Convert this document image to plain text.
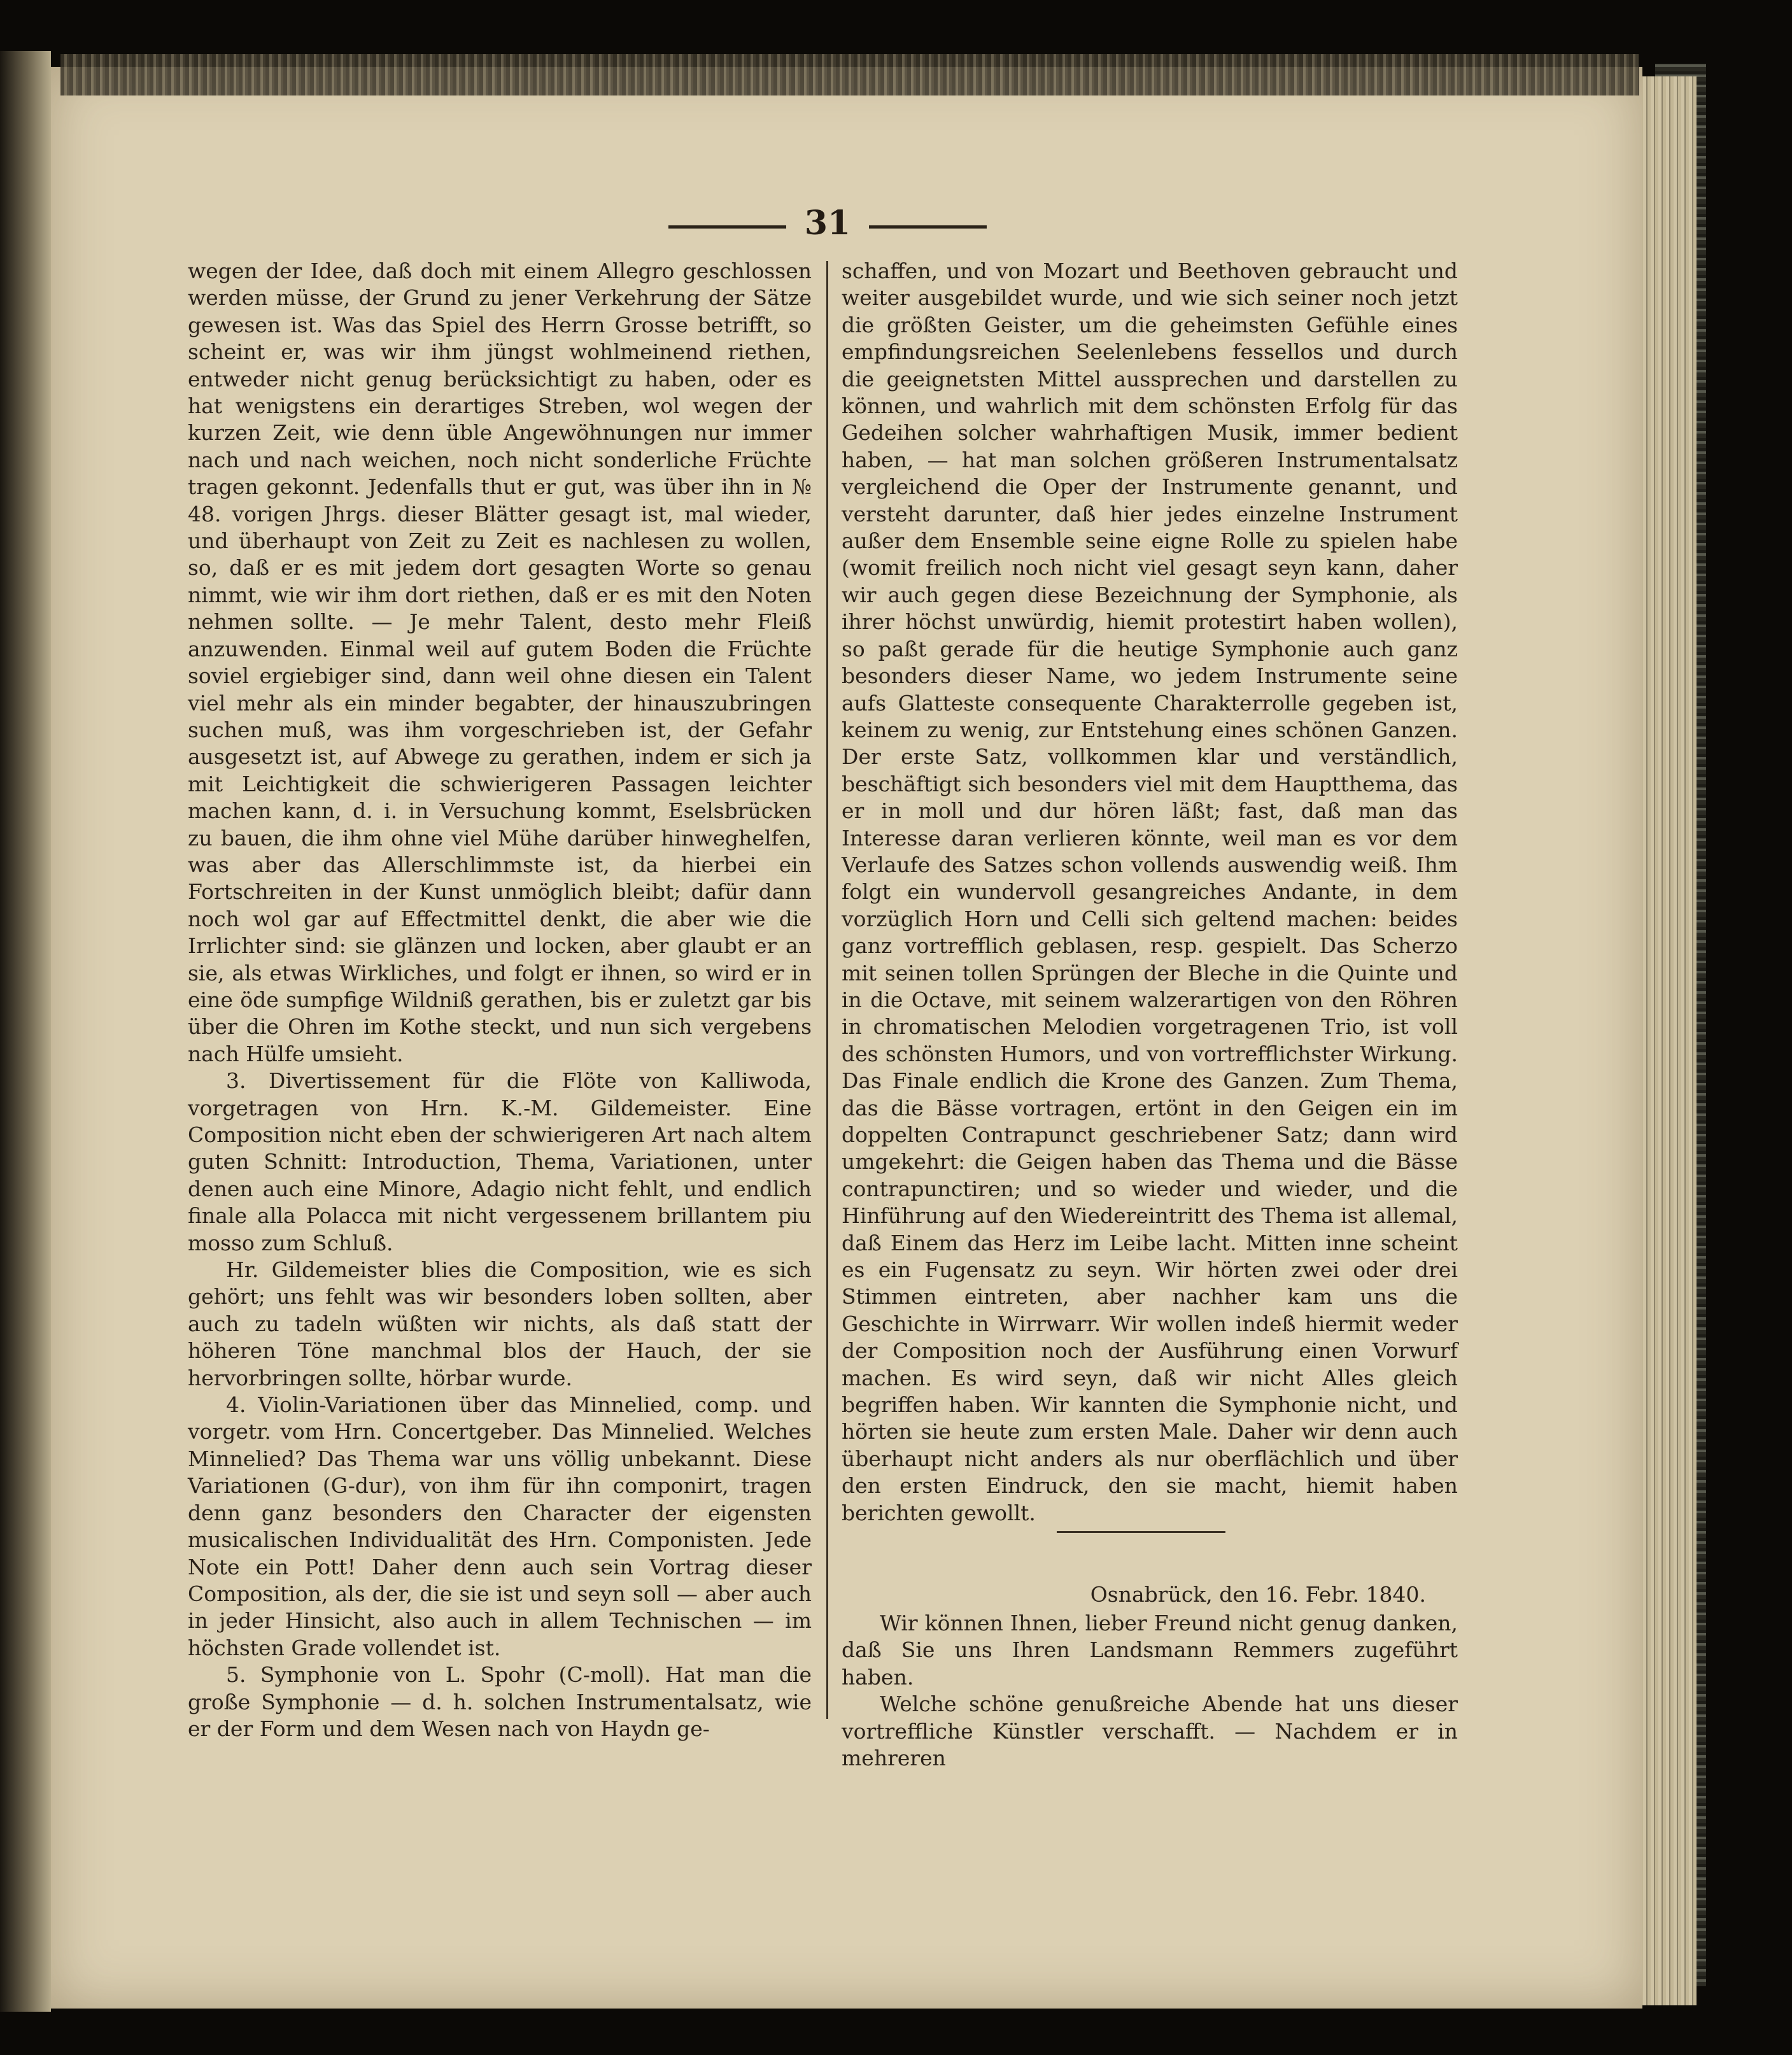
31

wegen der Idee, daß doch mit einem Allegro geschlossen werden müsse, der Grund zu jener Verkehrung der Sätze gewesen ist. Was das Spiel des Herrn Grosse betrifft, so scheint er, was wir ihm jüngst wohlmeinend riethen, entweder nicht genug berücksichtigt zu haben, oder es hat wenigstens ein derartiges Streben, wol wegen der kurzen Zeit, wie denn üble Angewöhnungen nur immer nach und nach weichen, noch nicht sonderliche Früchte tragen gekonnt. Jedenfalls thut er gut, was über ihn in № 48. vorigen Jhrgs. dieser Blätter gesagt ist, mal wieder, und überhaupt von Zeit zu Zeit es nachlesen zu wollen, so, daß er es mit jedem dort gesagten Worte so genau nimmt, wie wir ihm dort riethen, daß er es mit den Noten nehmen sollte. — Je mehr Talent, desto mehr Fleiß anzuwenden. Einmal weil auf gutem Boden die Früchte soviel ergiebiger sind, dann weil ohne diesen ein Talent viel mehr als ein minder begabter, der hinauszubringen suchen muß, was ihm vorgeschrieben ist, der Gefahr ausgesetzt ist, auf Abwege zu gerathen, indem er sich ja mit Leichtigkeit die schwierigeren Passagen leichter machen kann, d. i. in Versuchung kommt, Eselsbrücken zu bauen, die ihm ohne viel Mühe darüber hinweghelfen, was aber das Allerschlimmste ist, da hierbei ein Fortschreiten in der Kunst unmöglich bleibt; dafür dann noch wol gar auf Effectmittel denkt, die aber wie die Irrlichter sind: sie glänzen und locken, aber glaubt er an sie, als etwas Wirkliches, und folgt er ihnen, so wird er in eine öde sumpfige Wildniß gerathen, bis er zuletzt gar bis über die Ohren im Kothe steckt, und nun sich vergebens nach Hülfe umsieht.

3. Divertissement für die Flöte von Kalliwoda, vorgetragen von Hrn. K.-M. Gildemeister. Eine Composition nicht eben der schwierigeren Art nach altem guten Schnitt: Introduction, Thema, Variationen, unter denen auch eine Minore, Adagio nicht fehlt, und endlich finale alla Polacca mit nicht vergessenem brillantem piu mosso zum Schluß.

Hr. Gildemeister blies die Composition, wie es sich gehört; uns fehlt was wir besonders loben sollten, aber auch zu tadeln wüßten wir nichts, als daß statt der höheren Töne manchmal blos der Hauch, der sie hervorbringen sollte, hörbar wurde.

4. Violin-Variationen über das Minnelied, comp. und vorgetr. vom Hrn. Concertgeber. Das Minnelied. Welches Minnelied? Das Thema war uns völlig unbekannt. Diese Variationen (G-dur), von ihm für ihn componirt, tragen denn ganz besonders den Character der eigensten musicalischen Individualität des Hrn. Componisten. Jede Note ein Pott! Daher denn auch sein Vortrag dieser Composition, als der, die sie ist und seyn soll — aber auch in jeder Hinsicht, also auch in allem Technischen — im höchsten Grade vollendet ist.

5. Symphonie von L. Spohr (C-moll). Hat man die große Symphonie — d. h. solchen Instrumentalsatz, wie er der Form und dem Wesen nach von Haydn ge-

schaffen, und von Mozart und Beethoven gebraucht und weiter ausgebildet wurde, und wie sich seiner noch jetzt die größten Geister, um die geheimsten Gefühle eines empfindungsreichen Seelenlebens fessellos und durch die geeignetsten Mittel aussprechen und darstellen zu können, und wahrlich mit dem schönsten Erfolg für das Gedeihen solcher wahrhaftigen Musik, immer bedient haben, — hat man solchen größeren Instrumentalsatz vergleichend die Oper der Instrumente genannt, und versteht darunter, daß hier jedes einzelne Instrument außer dem Ensemble seine eigne Rolle zu spielen habe (womit freilich noch nicht viel gesagt seyn kann, daher wir auch gegen diese Bezeichnung der Symphonie, als ihrer höchst unwürdig, hiemit protestirt haben wollen), so paßt gerade für die heutige Symphonie auch ganz besonders dieser Name, wo jedem Instrumente seine aufs Glatteste consequente Charakterrolle gegeben ist, keinem zu wenig, zur Entstehung eines schönen Ganzen. Der erste Satz, vollkommen klar und verständlich, beschäftigt sich besonders viel mit dem Hauptthema, das er in moll und dur hören läßt; fast, daß man das Interesse daran verlieren könnte, weil man es vor dem Verlaufe des Satzes schon vollends auswendig weiß. Ihm folgt ein wundervoll gesangreiches Andante, in dem vorzüglich Horn und Celli sich geltend machen: beides ganz vortrefflich geblasen, resp. gespielt. Das Scherzo mit seinen tollen Sprüngen der Bleche in die Quinte und in die Octave, mit seinem walzerartigen von den Röhren in chromatischen Melodien vorgetragenen Trio, ist voll des schönsten Humors, und von vortrefflichster Wirkung. Das Finale endlich die Krone des Ganzen. Zum Thema, das die Bässe vortragen, ertönt in den Geigen ein im doppelten Contrapunct geschriebener Satz; dann wird umgekehrt: die Geigen haben das Thema und die Bässe contrapunctiren; und so wieder und wieder, und die Hinführung auf den Wiedereintritt des Thema ist allemal, daß Einem das Herz im Leibe lacht. Mitten inne scheint es ein Fugensatz zu seyn. Wir hörten zwei oder drei Stimmen eintreten, aber nachher kam uns die Geschichte in Wirrwarr. Wir wollen indeß hiermit weder der Composition noch der Ausführung einen Vorwurf machen. Es wird seyn, daß wir nicht Alles gleich begriffen haben. Wir kannten die Symphonie nicht, und hörten sie heute zum ersten Male. Daher wir denn auch überhaupt nicht anders als nur oberflächlich und über den ersten Eindruck, den sie macht, hiemit haben berichten gewollt.

Osnabrück, den 16. Febr. 1840.

Wir können Ihnen, lieber Freund nicht genug danken, daß Sie uns Ihren Landsmann Remmers zugeführt haben.

Welche schöne genußreiche Abende hat uns dieser vortreffliche Künstler verschafft. — Nachdem er in mehreren
